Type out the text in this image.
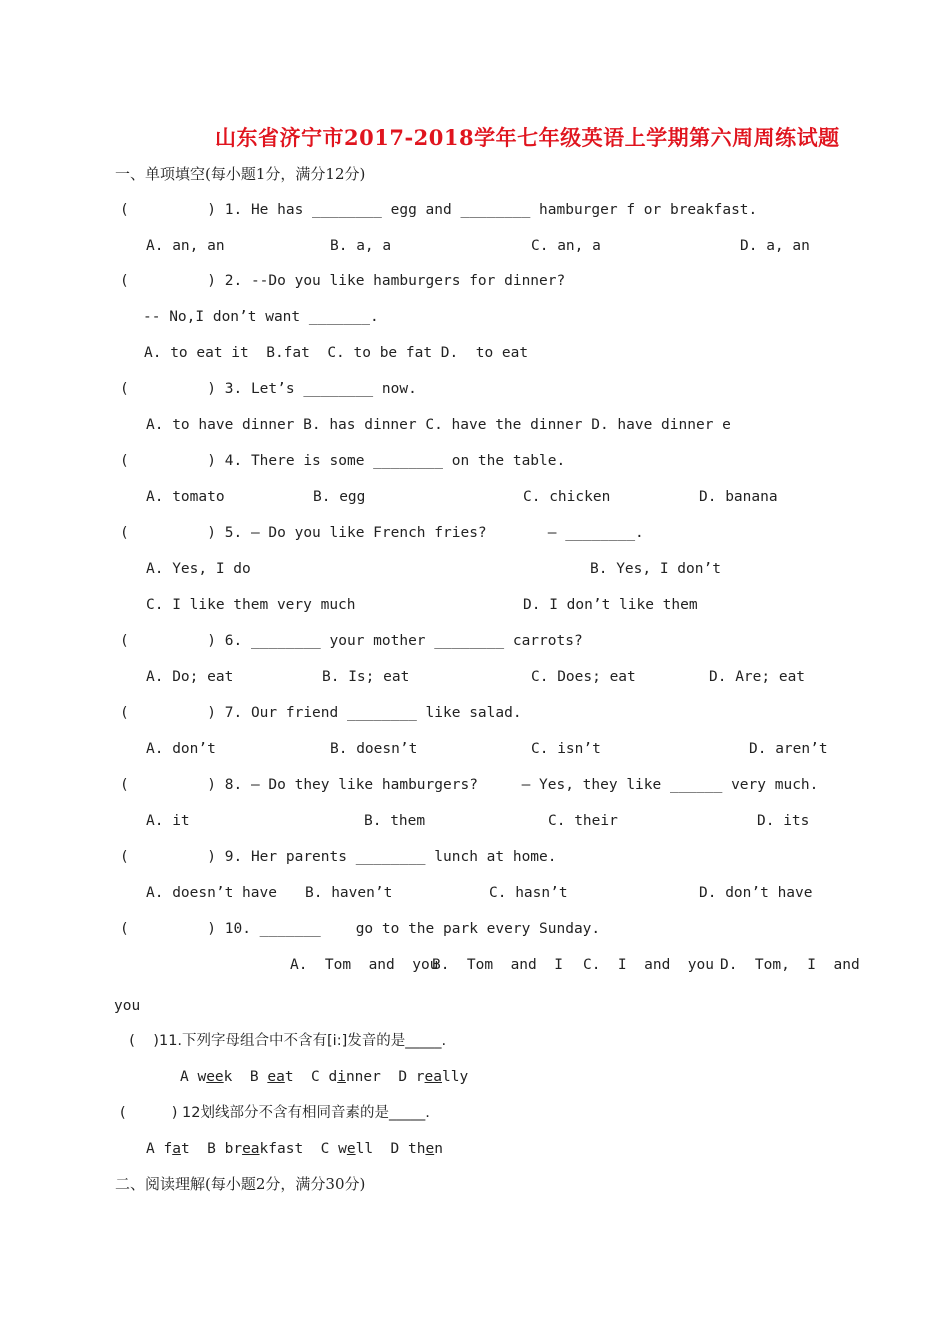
山东省济宁市2017-2018学年七年级英语上学期第六周周练试题
一、单项填空(每小题1分，满分12分)
(         ) 1. He has ________ egg and ________ hamburger f or breakfast.
A. an, an	B. a, a	C. an, a	D. a, an
(         ) 2. --Do you like hamburgers for dinner?
-- No,I don’t want _______.
A. to eat it  B.fat  C. to be fat D.  to eat
(         ) 3. Let’s ________ now.
A. to have dinner B. has dinner C. have the dinner D. have dinner e
(         ) 4. There is some ________ on the table.
A. tomato	B. egg	C. chicken	D. banana
(         ) 5. — Do you like French fries?       — ________.
A. Yes, I do	B. Yes, I don’t
C. I like them very much	D. I don’t like them
(         ) 6. ________ your mother ________ carrots?
A. Do; eat	B. Is; eat	C. Does; eat	D. Are; eat
(         ) 7. Our friend ________ like salad.
A. don’t	B. doesn’t	C. isn’t	D. aren’t
(         ) 8. — Do they like hamburgers?     — Yes, they like ______ very much.
A. it	B. them	C. their	D. its
(         ) 9. Her parents ________ lunch at home.
A. doesn’t have B. haven’t	C. hasn’t	D. don’t have
(         ) 10. _______    go to the park every Sunday.
A.  Tom  and  you
B.  Tom  and  I C.  I  and  you D.  Tom,  I  and
you
(    )11.下列字母组合中不含有[i:]发音的是_____.
A week B eat C dinner D really
(          ) 12划线部分不含有相同音素的是_____.
A fat B breakfast C well D then
二、阅读理解(每小题2分，满分30分)
